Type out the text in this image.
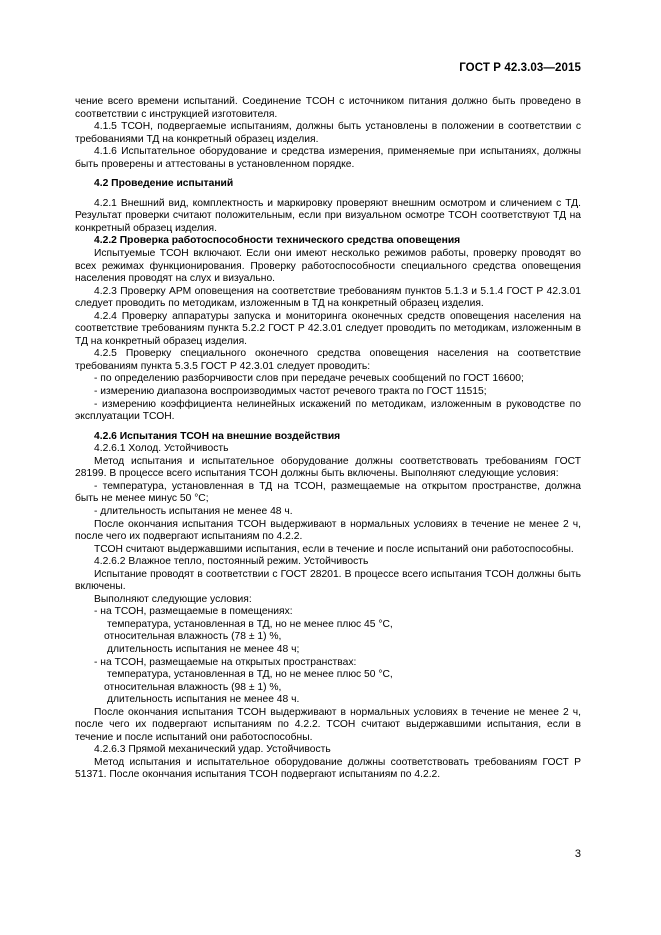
ГОСТ Р 42.3.03—2015

чение всего времени испытаний. Соединение ТСОН с источником питания должно быть проведено в соответствии с инструкцией изготовителя.

4.1.5 ТСОН, подвергаемые испытаниям, должны быть установлены в положении в соответствии с требованиями ТД на конкретный образец изделия.

4.1.6 Испытательное оборудование и средства измерения, применяемые при испытаниях, должны быть проверены и аттестованы в установленном порядке.

4.2 Проведение испытаний

4.2.1 Внешний вид, комплектность и маркировку проверяют внешним осмотром и сличением с ТД. Результат проверки считают положительным, если при визуальном осмотре ТСОН соответствуют ТД на конкретный образец изделия.

4.2.2 Проверка работоспособности технического средства оповещения

Испытуемые ТСОН включают. Если они имеют несколько режимов работы, проверку проводят во всех режимах функционирования. Проверку работоспособности специального средства оповещения населения проводят на слух и визуально.

4.2.3 Проверку АРМ оповещения на соответствие требованиям пунктов 5.1.3 и 5.1.4 ГОСТ Р 42.3.01 следует проводить по методикам, изложенным в ТД на конкретный образец изделия.

4.2.4 Проверку аппаратуры запуска и мониторинга оконечных средств оповещения населения на соответствие требованиям пункта 5.2.2 ГОСТ Р 42.3.01 следует проводить по методикам, изложенным в ТД на конкретный образец изделия.

4.2.5 Проверку специального оконечного средства оповещения населения на соответствие требованиям пункта 5.3.5 ГОСТ Р 42.3.01 следует проводить:

- по определению разборчивости слов при передаче речевых сообщений по ГОСТ 16600;

- измерению диапазона воспроизводимых частот речевого тракта по ГОСТ 11515;

- измерению коэффициента нелинейных искажений по методикам, изложенным в руководстве по эксплуатации ТСОН.

4.2.6 Испытания ТСОН на внешние воздействия

4.2.6.1 Холод. Устойчивость

Метод испытания и испытательное оборудование должны соответствовать требованиям ГОСТ 28199. В процессе всего испытания ТСОН должны быть включены. Выполняют следующие условия:

- температура, установленная в ТД на ТСОН, размещаемые на открытом пространстве, должна быть не менее минус 50 °С;

- длительность испытания не менее 48 ч.

После окончания испытания ТСОН выдерживают в нормальных условиях в течение не менее 2 ч, после чего их подвергают испытаниям по 4.2.2.

ТСОН считают выдержавшими испытания, если в течение и после испытаний они работоспособны.

4.2.6.2 Влажное тепло, постоянный режим. Устойчивость

Испытание проводят в соответствии с ГОСТ 28201. В процессе всего испытания ТСОН должны быть включены.

Выполняют следующие условия:

- на ТСОН, размещаемые в помещениях:

температура, установленная в ТД, но не менее плюс 45 °С,

относительная влажность (78 ± 1) %,

длительность испытания не менее 48 ч;

- на ТСОН, размещаемые на открытых пространствах:

температура, установленная в ТД, но не менее плюс 50 °С,

относительная влажность (98 ± 1) %,

длительность испытания не менее 48 ч.

После окончания испытания ТСОН выдерживают в нормальных условиях в течение не менее 2 ч, после чего их подвергают испытаниям по 4.2.2. ТСОН считают выдержавшими испытания, если в течение и после испытаний они работоспособны.

4.2.6.3 Прямой механический удар. Устойчивость

Метод испытания и испытательное оборудование должны соответствовать требованиям ГОСТ Р 51371. После окончания испытания ТСОН подвергают испытаниям по 4.2.2.

3
